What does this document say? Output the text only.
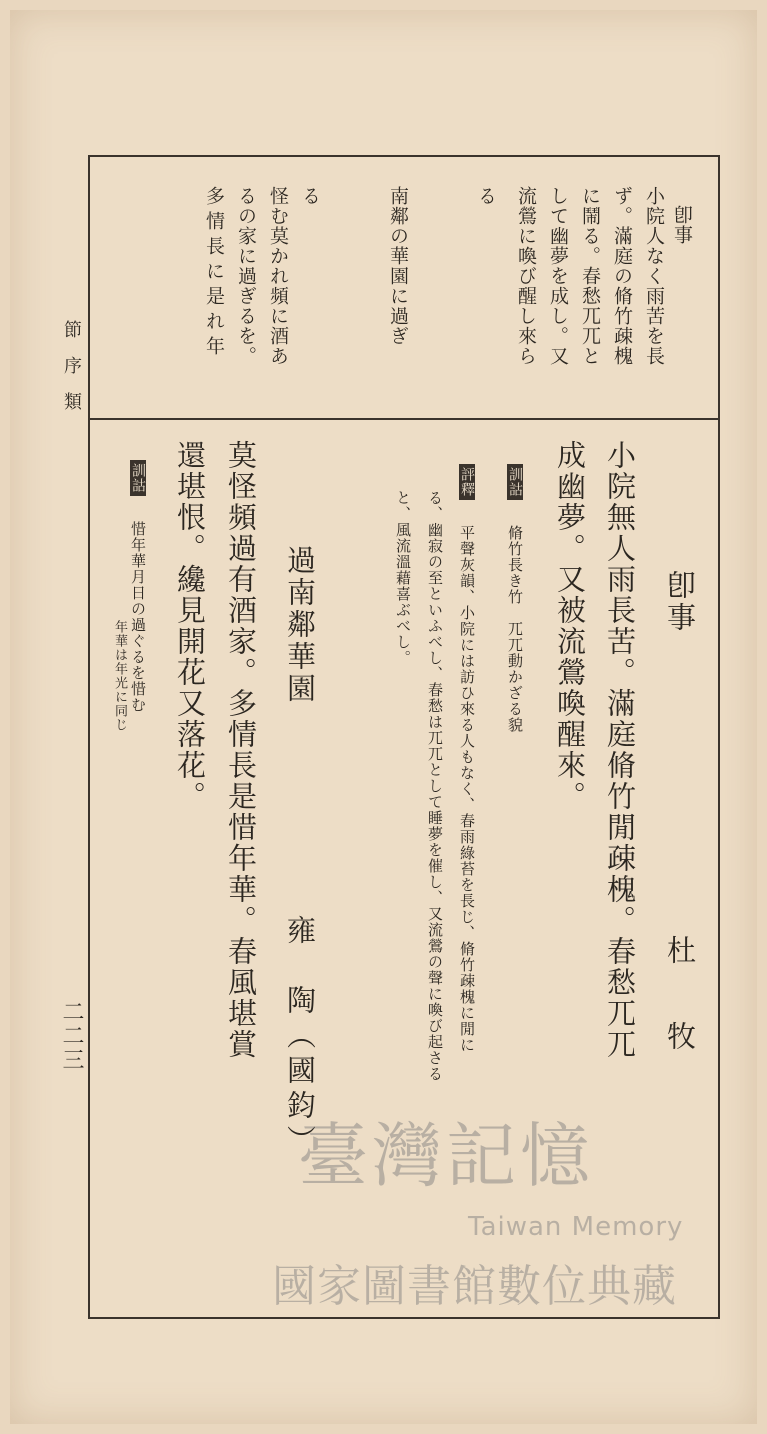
節序類
二二三
卽事
小院人なく雨苦を長
ず。滿庭の脩竹疎槐
に鬧る。春愁兀兀と
して幽夢を成し。又
流鶯に喚び醒し來ら
る
南鄰の華園に過ぎ
る
怪む莫かれ頻に酒あ
るの家に過ぎるを。
多情長に是れ年
卽事
杜　牧
小院無人雨長苦。滿庭脩竹閒疎槐。春愁兀兀
成幽夢。又被流鶯喚醒來。
訓詁 脩竹長き竹　兀兀動かざる貌
評釋 平聲灰韻、小院には訪ひ來る人もなく、春雨綠苔を長じ、脩竹疎槐に閒に
る、幽寂の至といふべし、春愁は兀兀として睡夢を催し、又流鶯の聲に喚び起さる
と、風流溫藉喜ぶべし。
過南鄰華園
雍　陶（國鈞）
莫怪頻過有酒家。多情長是惜年華。春風堪賞
還堪恨。纔見開花又落花。
訓詁 惜年華月日の過ぐるを惜む
年華は年光に同じ
臺灣記憶
Taiwan Memory
國家圖書館數位典藏
